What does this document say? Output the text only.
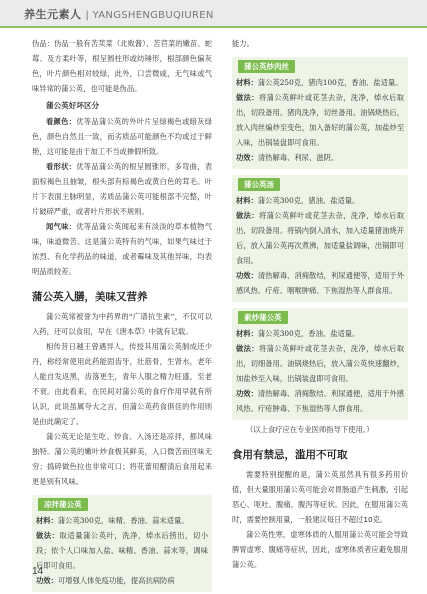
养生元素人 | YANGSHENGBUQIUREN

伪品：伪品一般有苦荬菜（北败酱）、苦苣菜的嫩苗、蛇莓、及方柔叶等，根呈圆柱形或纺锤形，根部颜色偏灰色，叶片颜色相对较绿，此外，口尝微咸，无气味或气味异常的蒲公英，也可能是伪品。

蒲公英好坏区分

看颜色：优等品蒲公英的外叶片呈绿褐色或暗灰绿色，颜色自然且一致，而劣质品可能颜色不均或过于鲜艳，这可能是由于加工不当或掺假所致。

看形状：优等品蒲公英的根呈圆锥形，多弯曲，表面棕褐色且抽皱，根头部有棕褐色或黄白色的茸毛。叶片下表面主脉明显，劣质品蒲公英可能根部不完整，叶片破碎严重，或者叶片形状不规则。

闻气味：优等品蒲公英闻起来有淡淡的草本植物气味，味道微苦。这是蒲公英特有的气味，如果气味过于浓烈、有化学药品的味道，或者霉味及其他异味，均表明品质较差。

蒲公英入膳，美味又营养

蒲公英常被誉为中药界的“广谱抗生素”，不仅可以入药，还可以食用，早在《唐本草》中就有记载。

相传昔日越王曾遇异人，传授其用蒲公英制成还少丹，称经常使用此药能固齿牙，壮筋骨，生肾水，老年人能自发返黑，齿落更生，青年人服之精力旺盛，至老不衰。由此看来，在民间对蒲公英的食疗作用早就有所认识，此说虽属夸大之言，但蒲公英药食俱佳的作用则是由此确定了。

蒲公英无论是生吃、炒食、入汤还是凉拌，都风味独特。蒲公英的嫩叶炒食极其鲜美，入口微苦而回味无穷；捣碎做色拉也非常可口；将花蕾用醋渍后食用起来更是别有风味。

凉拌蒲公英

材料：蒲公英300克，味精、香油、蒜末适量。

做法：取适量蒲公英叶，洗净，焯水后捞出，切小段；依个人口味加入盐、味精、香油、蒜末等，调味后即可食用。

功效：可增强人体免疫功能，提高抗病防病

能力。

蒲公英炒肉丝

材料：蒲公英250克，猪肉100克，香油、盐适量。

做法：将蒲公英鲜叶或花茎去杂，洗净，焯水后取出，切段备用。猪肉洗净，切丝备用。油锅烧热后，放入肉丝煸炒至变色，加入备好的蒲公英，加盐炒至入味，出锅装盘即可食用。

功效：清热解毒、利尿、滋阴。

蒲公英汤

材料：蒲公英300克，猪油、盐适量。

做法：将蒲公英鲜叶或花茎去杂，洗净，焯水后取出，切段备用。将锅内倒入清水，加入适量猪油烧开后，放入蒲公英再次煮沸，加适量盐调味，出锅即可食用。

功效：清热解毒、消痈散结，利尿通便等，适用于外感风热、疔疮、咽喉肿痛、下焦湿热等人群食用。

素炒蒲公英

材料：蒲公英300克，香油、盐适量。

做法：将蒲公英鲜叶或花茎去杂，洗净，焯水后取出，切细备用。油锅烧热后，放入蒲公英快速翻炒，加盐炒至入味，出锅装盘即可食用。

功效：清热解毒、消痈散结、利尿通便，适用于外感风热、疔疮肿毒、下焦湿热等人群食用。

（以上食疗应在专业医师指导下使用。）

食用有禁忌，滥用不可取

需要特别提醒的是，蒲公英虽然具有很多药用价值，但大量服用蒲公英可能会对胃肠道产生刺激，引起恶心、呕吐、腹痛、腹泻等症状。因此，在服用蒲公英时，需要控制用量，一般建议每日不超过10克。

蒲公英性寒，虚寒体质的人服用蒲公英可能会导致脾胃虚寒、腹痛等症状，因此，虚寒体质者应避免服用蒲公英。

14
